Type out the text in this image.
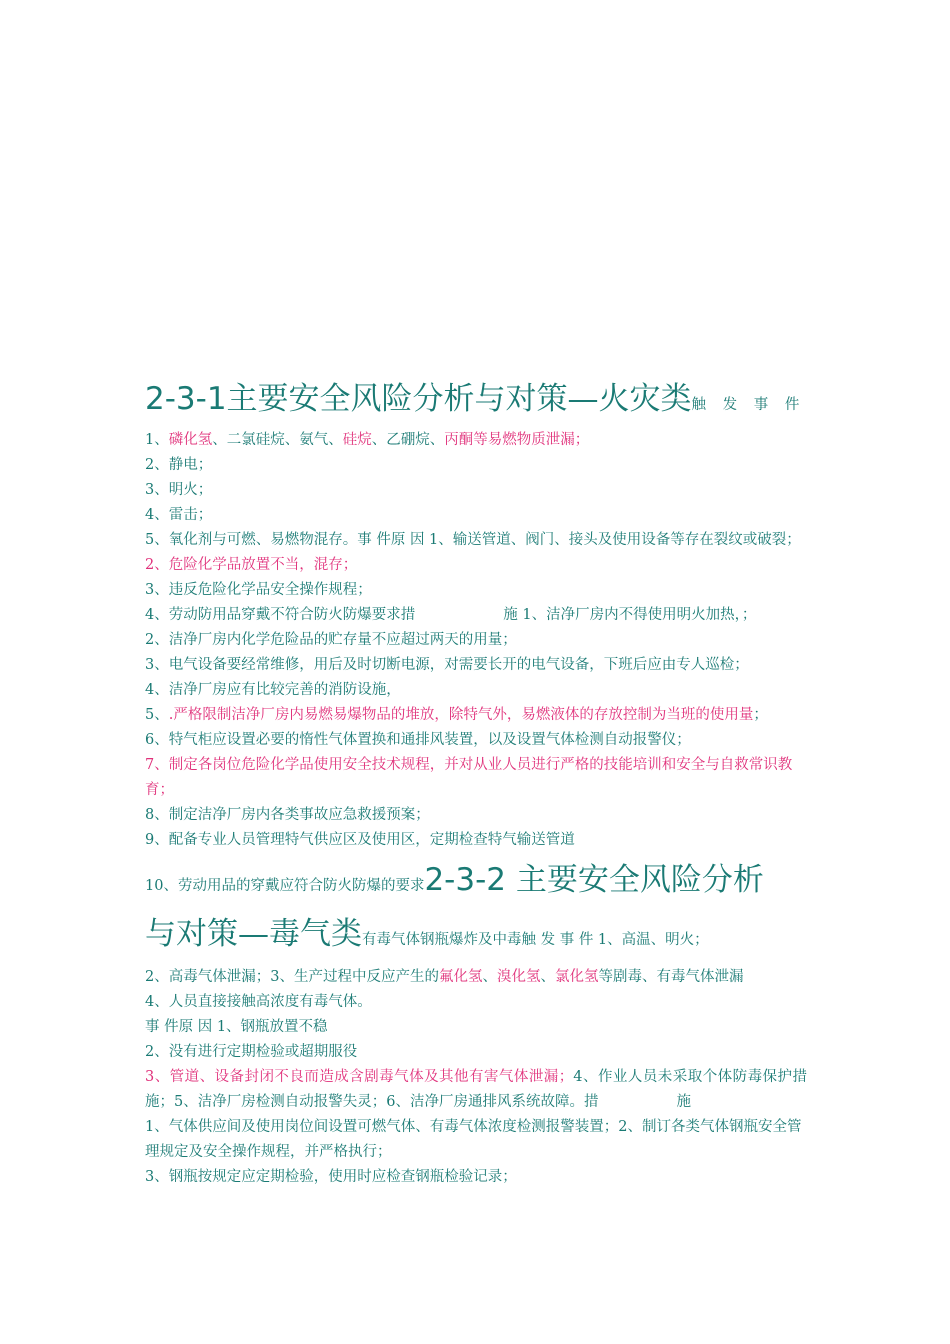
2-3-1主要安全风险分析与对策—火灾类触 发 事 件
1、磷化氢、二氯硅烷、氨气、硅烷、乙硼烷、丙酮等易燃物质泄漏；
2、静电；
3、明火；
4、雷击；
5、氧化剂与可燃、易燃物混存。事 件原 因 1、输送管道、阀门、接头及使用设备等存在裂纹或破裂；
2、危险化学品放置不当，混存；
3、违反危险化学品安全操作规程；
4、劳动防用品穿戴不符合防火防爆要求措	施 1、洁净厂房内不得使用明火加热，；
2、洁净厂房内化学危险品的贮存量不应超过两天的用量；
3、电气设备要经常维修，用后及时切断电源，对需要长开的电气设备，下班后应由专人巡检；
4、洁净厂房应有比较完善的消防设施，
5、.严格限制洁净厂房内易燃易爆物品的堆放，除特气外，易燃液体的存放控制为当班的使用量；
6、特气柜应设置必要的惰性气体置换和通排风装置，以及设置气体检测自动报警仪；
7、制定各岗位危险化学品使用安全技术规程，并对从业人员进行严格的技能培训和安全与自救常识教育；
8、制定洁净厂房内各类事故应急救援预案；
9、配备专业人员管理特气供应区及使用区，定期检查特气输送管道
10、劳动用品的穿戴应符合防火防爆的要求2-3-2 主要安全风险分析
与对策—毒气类有毒气体钢瓶爆炸及中毒触 发 事 件 1、高温、明火；
2、高毒气体泄漏；3、生产过程中反应产生的氟化氢、溴化氢、氯化氢等剧毒、有毒气体泄漏
4、人员直接接触高浓度有毒气体。
事 件原 因 1、钢瓶放置不稳
2、没有进行定期检验或超期服役
3、管道、设备封闭不良而造成含剧毒气体及其他有害气体泄漏；4、作业人员未采取个体防毒保护措施；5、洁净厂房检测自动报警失灵；6、洁净厂房通排风系统故障。措	施
1、气体供应间及使用岗位间设置可燃气体、有毒气体浓度检测报警装置；2、制订各类气体钢瓶安全管理规定及安全操作规程，并严格执行；
3、钢瓶按规定应定期检验，使用时应检查钢瓶检验记录；
